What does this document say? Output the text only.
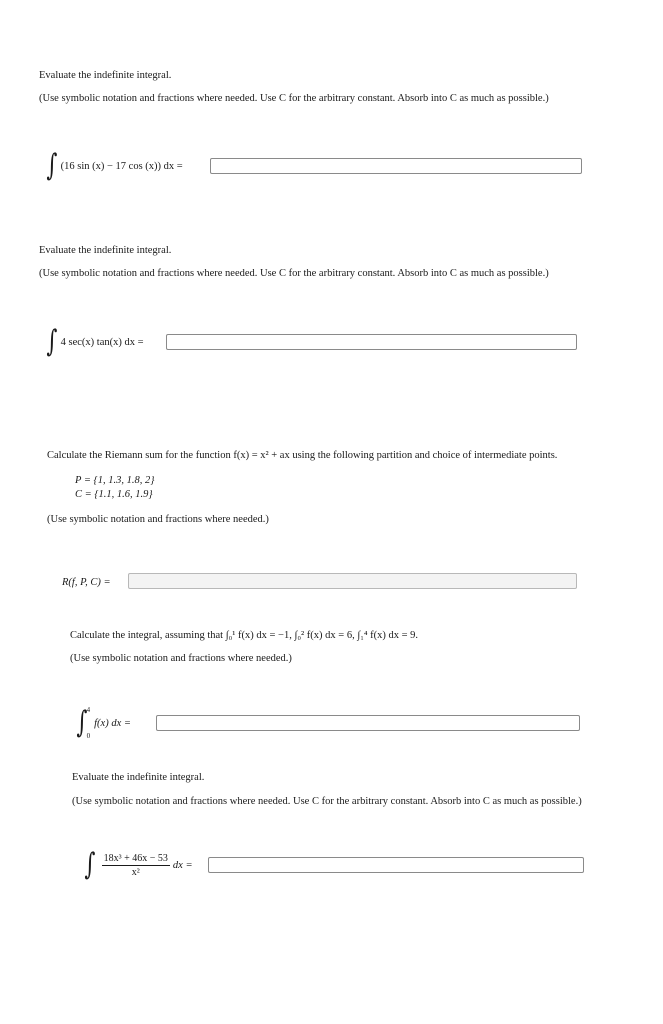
Evaluate the indefinite integral.
(Use symbolic notation and fractions where needed. Use C for the arbitrary constant. Absorb into C as much as possible.)
∫ (16 sin (x) − 17 cos (x)) dx =
Evaluate the indefinite integral.
(Use symbolic notation and fractions where needed. Use C for the arbitrary constant. Absorb into C as much as possible.)
∫ 4 sec(x) tan(x) dx =
Calculate the Riemann sum for the function f(x) = x² + ax using the following partition and choice of intermediate points.
P = {1, 1.3, 1.8, 2}
C = {1.1, 1.6, 1.9}
(Use symbolic notation and fractions where needed.)
R(f, P, C) =
Calculate the integral, assuming that ∫₀¹ f(x) dx = −1, ∫₀² f(x) dx = 6, ∫₁⁴ f(x) dx = 9.
(Use symbolic notation and fractions where needed.)
∫ 4
0
f(x) dx =
Evaluate the indefinite integral.
(Use symbolic notation and fractions where needed. Use C for the arbitrary constant. Absorb into C as much as possible.)
∫ $\frac{\text{18x³ + 46x − 53}}{\text{x²}}$ dx =
